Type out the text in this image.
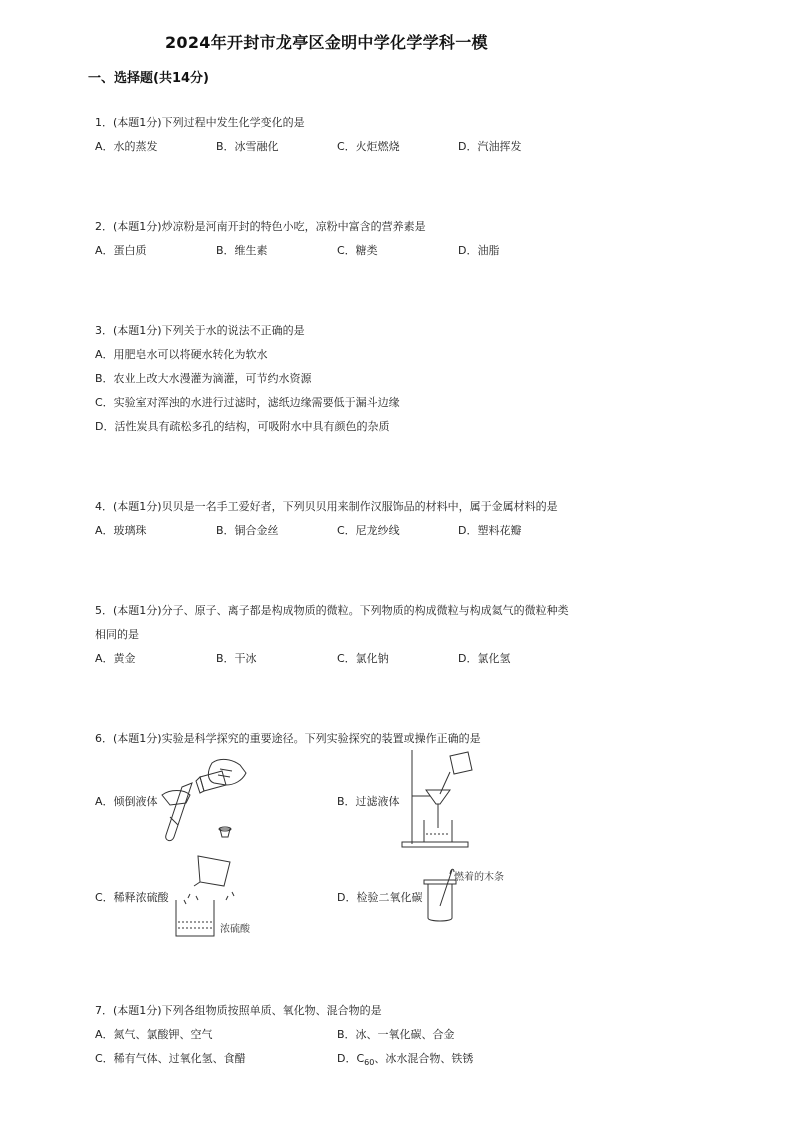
2024年开封市龙亭区金明中学化学学科一模
一、选择题(共14分)
1．(本题1分)下列过程中发生化学变化的是
A．水的蒸发	B．冰雪融化	C．火炬燃烧	D．汽油挥发
2．(本题1分)炒凉粉是河南开封的特色小吃，凉粉中富含的营养素是
A．蛋白质	B．维生素	C．糖类	D．油脂
3．(本题1分)下列关于水的说法不正确的是
A．用肥皂水可以将硬水转化为软水
B．农业上改大水漫灌为滴灌，可节约水资源
C．实验室对浑浊的水进行过滤时，滤纸边缘需要低于漏斗边缘
D．活性炭具有疏松多孔的结构，可吸附水中具有颜色的杂质
4．(本题1分)贝贝是一名手工爱好者，下列贝贝用来制作汉服饰品的材料中，属于金属材料的是
A．玻璃珠	B．铜合金丝	C．尼龙纱线	D．塑料花瓣
5．(本题1分)分子、原子、离子都是构成物质的微粒。下列物质的构成微粒与构成氦气的微粒种类
相同的是
A．黄金	B．干冰	C．氯化钠	D．氯化氢
6．(本题1分)实验是科学探究的重要途径。下列实验探究的装置或操作正确的是
A．倾倒液体	B．过滤液体
C．稀释浓硫酸	D．检验二氧化碳
浓硫酸
燃着的木条
7．(本题1分)下列各组物质按照单质、氧化物、混合物的是
A．氮气、氯酸钾、空气	B．冰、一氧化碳、合金
C．稀有气体、过氧化氢、食醋	D．$C_{60}$、冰水混合物、铁锈
